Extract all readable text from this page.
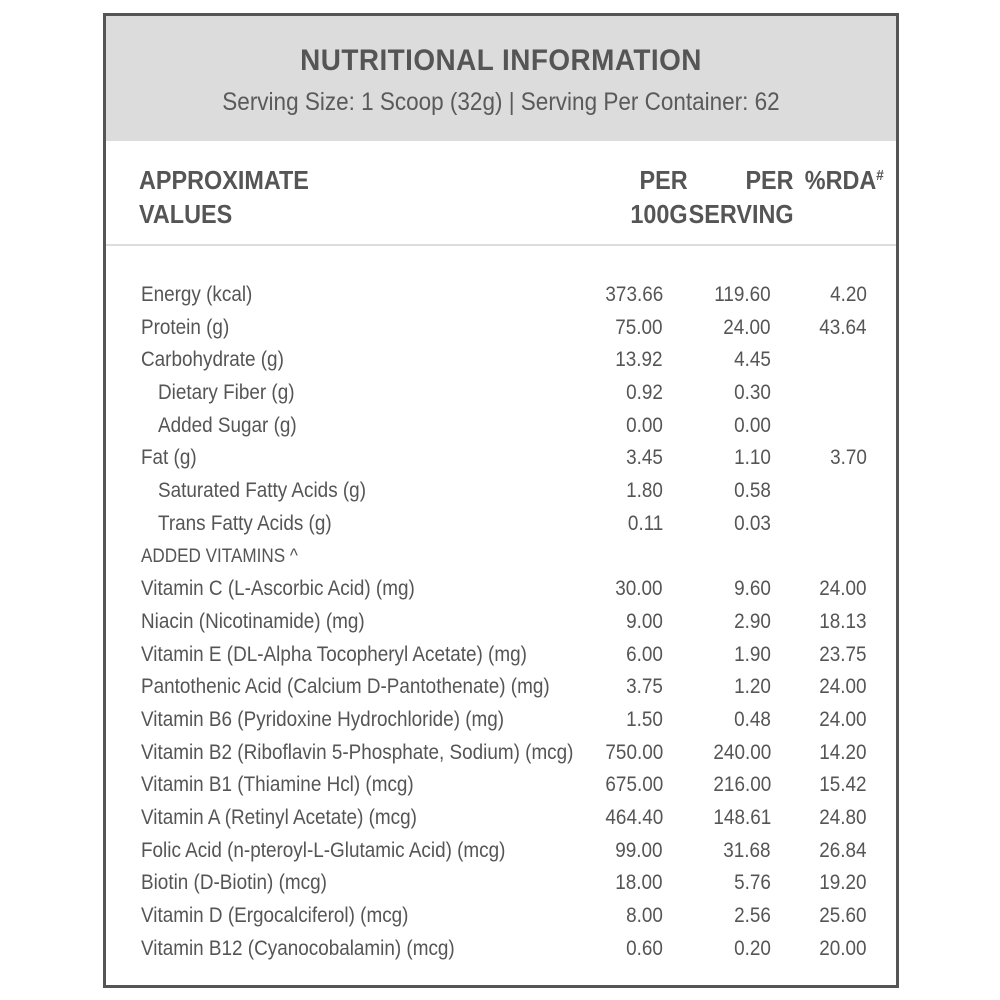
NUTRITIONAL INFORMATION
Serving Size: 1 Scoop (32g) | Serving Per Container: 62
APPROXIMATE
VALUES
PER
100G
PER
SERVING
%RDA#
Energy (kcal)	373.66 119.60	4.20
Protein (g)	75.00	24.00 43.64
Carbohydrate (g)	13.92	4.45
Dietary Fiber (g)	0.92	0.30
Added Sugar (g)	0.00	0.00
Fat (g)	3.45	1.10	3.70
Saturated Fatty Acids (g)	1.80	0.58
Trans Fatty Acids (g)	0.11	0.03
ADDED VITAMINS ^
Vitamin C (L-Ascorbic Acid) (mg)	30.00	9.60 24.00
Niacin (Nicotinamide) (mg)	9.00	2.90 18.13
Vitamin E (DL-Alpha Tocopheryl Acetate) (mg)	6.00	1.90 23.75
Pantothenic Acid (Calcium D-Pantothenate) (mg)	3.75	1.20 24.00
Vitamin B6 (Pyridoxine Hydrochloride) (mg)	1.50	0.48 24.00
Vitamin B2 (Riboflavin 5-Phosphate, Sodium) (mcg) 750.00 240.00 14.20
Vitamin B1 (Thiamine Hcl) (mcg)	675.00 216.00 15.42
Vitamin A (Retinyl Acetate) (mcg)	464.40 148.61 24.80
Folic Acid (n-pteroyl-L-Glutamic Acid) (mcg)	99.00	31.68 26.84
Biotin (D-Biotin) (mcg)	18.00	5.76 19.20
Vitamin D (Ergocalciferol) (mcg)	8.00	2.56 25.60
Vitamin B12 (Cyanocobalamin) (mcg)	0.60	0.20 20.00
